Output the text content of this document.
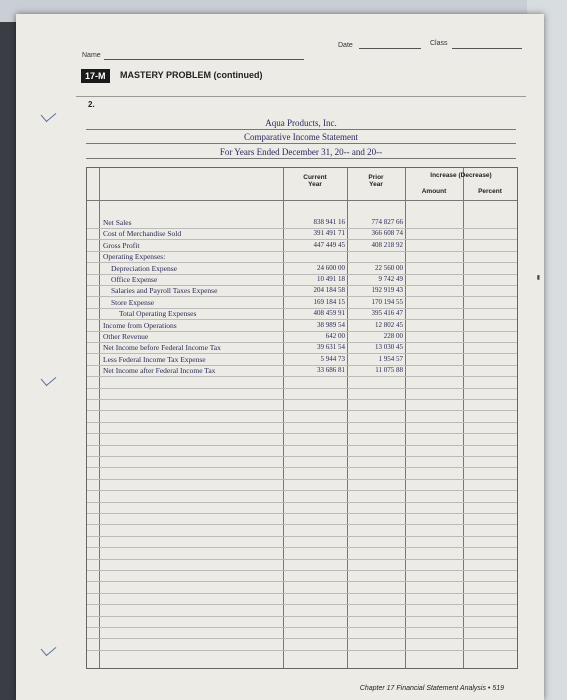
Name
Date	Class
17-M	MASTERY PROBLEM (continued)
2.
Aqua Products, Inc.
Comparative Income Statement
For Years Ended December 31, 20-- and 20--
Current
Year
Prior
Year
Increase (Decrease)
Amount	Percent
Net Sales	838 941 16	774 827 66
Cost of Merchandise Sold	391 491 71	366 608 74
Gross Profit	447 449 45	408 218 92
Operating Expenses:
Depreciation Expense	24 600 00	22 560 00
Office Expense	10 491 18	9 742 49
Salaries and Payroll Taxes Expense	204 184 58	192 919 43
Store Expense	169 184 15	170 194 55
Total Operating Expenses	408 459 91	395 416 47
Income from Operations	38 989 54	12 802 45
Other Revenue	642 00	228 00
Net Income before Federal Income Tax	39 631 54	13 030 45
Less Federal Income Tax Expense	5 944 73	1 954 57
Net Income after Federal Income Tax	33 686 81	11 075 88
Chapter 17 Financial Statement Analysis • 519
▮
